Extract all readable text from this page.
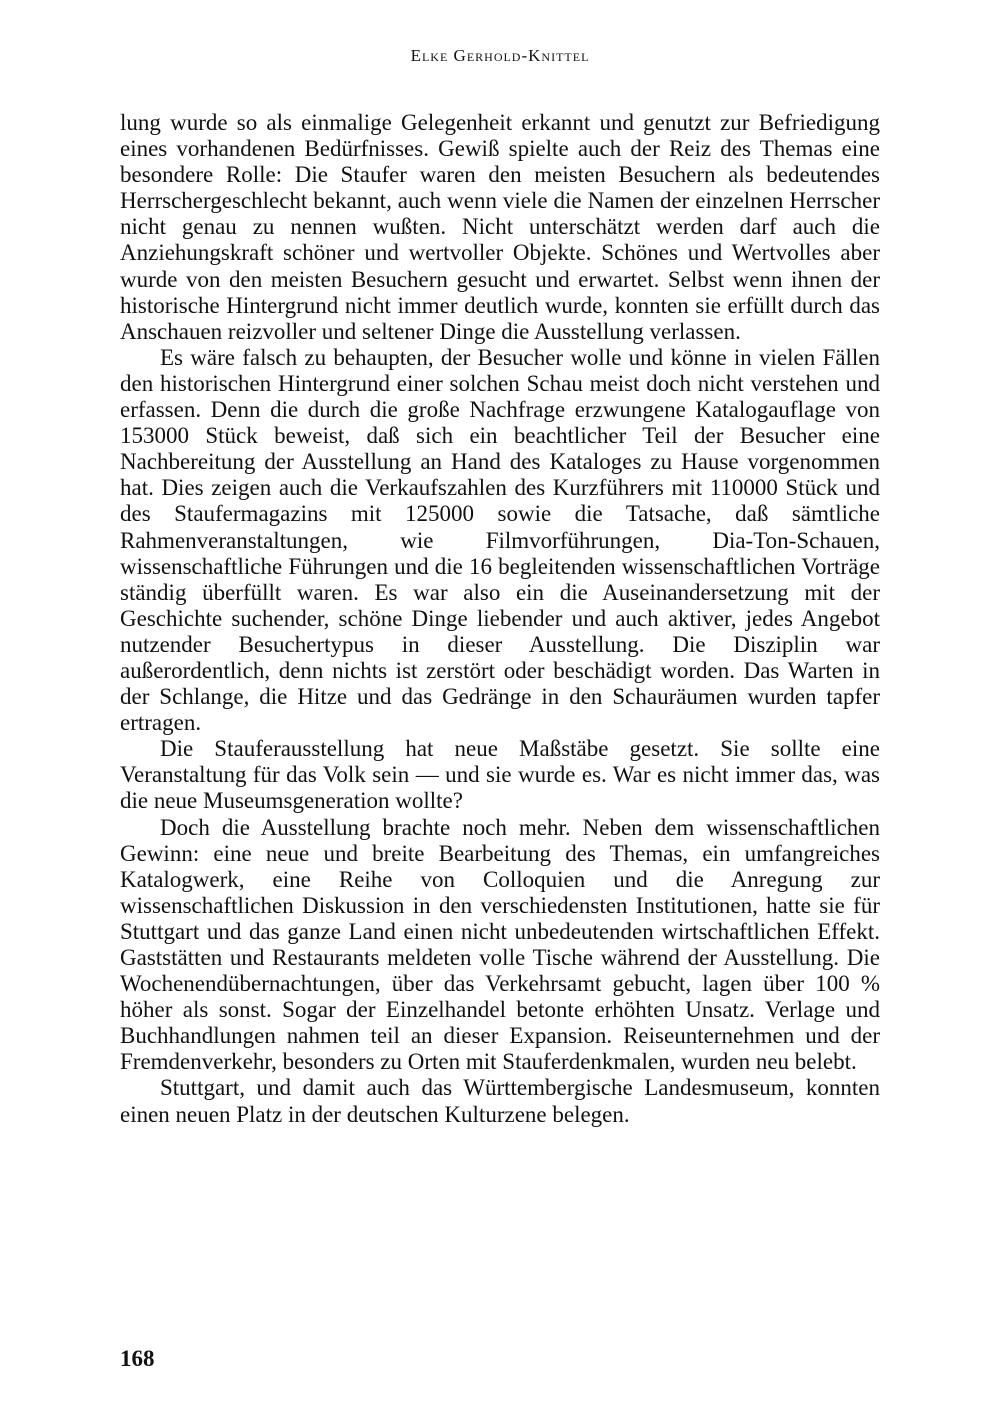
Elke Gerhold-Knittel

lung wurde so als einmalige Gelegenheit erkannt und genutzt zur Befriedigung eines vorhandenen Bedürfnisses. Gewiß spielte auch der Reiz des Themas eine besondere Rolle: Die Staufer waren den meisten Besuchern als bedeutendes Herrschergeschlecht bekannt, auch wenn viele die Namen der einzelnen Herrscher nicht genau zu nennen wußten. Nicht unterschätzt werden darf auch die Anziehungskraft schöner und wertvoller Objekte. Schönes und Wertvolles aber wurde von den meisten Besuchern gesucht und erwartet. Selbst wenn ihnen der historische Hintergrund nicht immer deutlich wurde, konnten sie erfüllt durch das Anschauen reizvoller und seltener Dinge die Ausstellung verlassen.

Es wäre falsch zu behaupten, der Besucher wolle und könne in vielen Fällen den historischen Hintergrund einer solchen Schau meist doch nicht verstehen und erfassen. Denn die durch die große Nachfrage erzwungene Katalogauflage von 153000 Stück beweist, daß sich ein beachtlicher Teil der Besucher eine Nachbereitung der Ausstellung an Hand des Kataloges zu Hause vorgenommen hat. Dies zeigen auch die Verkaufszahlen des Kurzführers mit 110000 Stück und des Staufermagazins mit 125000 sowie die Tatsache, daß sämtliche Rahmenveranstaltungen, wie Filmvorführungen, Dia-Ton-Schauen, wissenschaftliche Führungen und die 16 begleitenden wissenschaftlichen Vorträge ständig überfüllt waren. Es war also ein die Auseinandersetzung mit der Geschichte suchender, schöne Dinge liebender und auch aktiver, jedes Angebot nutzender Besuchertypus in dieser Ausstellung. Die Disziplin war außerordentlich, denn nichts ist zerstört oder beschädigt worden. Das Warten in der Schlange, die Hitze und das Gedränge in den Schauräumen wurden tapfer ertragen.

Die Stauferausstellung hat neue Maßstäbe gesetzt. Sie sollte eine Veranstaltung für das Volk sein — und sie wurde es. War es nicht immer das, was die neue Museumsgeneration wollte?

Doch die Ausstellung brachte noch mehr. Neben dem wissenschaftlichen Gewinn: eine neue und breite Bearbeitung des Themas, ein umfangreiches Katalogwerk, eine Reihe von Colloquien und die Anregung zur wissenschaftlichen Diskussion in den verschiedensten Institutionen, hatte sie für Stuttgart und das ganze Land einen nicht unbedeutenden wirtschaftlichen Effekt. Gaststätten und Restaurants meldeten volle Tische während der Ausstellung. Die Wochenendübernachtungen, über das Verkehrsamt gebucht, lagen über 100 % höher als sonst. Sogar der Einzelhandel betonte erhöhten Unsatz. Verlage und Buchhandlungen nahmen teil an dieser Expansion. Reiseunternehmen und der Fremdenverkehr, besonders zu Orten mit Stauferdenkmalen, wurden neu belebt.

Stuttgart, und damit auch das Württembergische Landesmuseum, konnten einen neuen Platz in der deutschen Kulturzene belegen.

168
